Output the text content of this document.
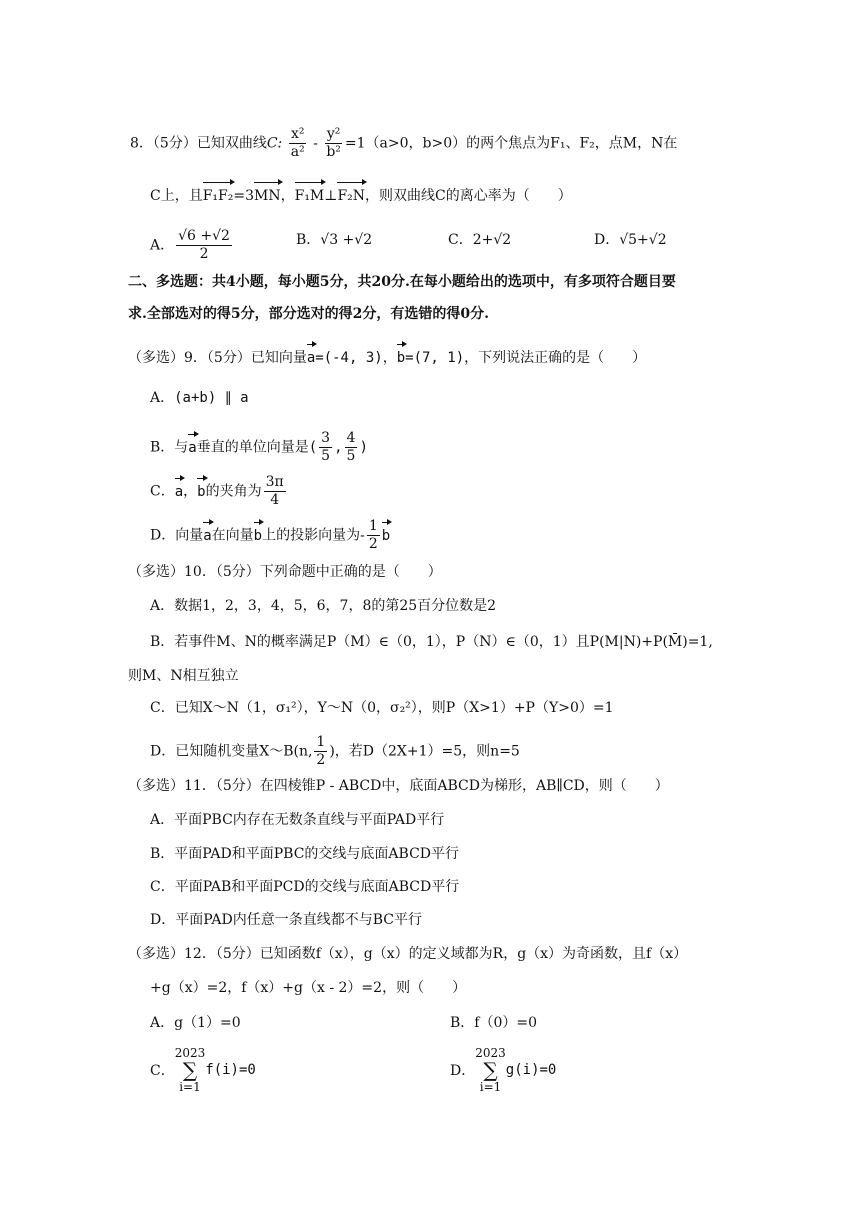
8．（5分）已知双曲线C: $\frac{\text{x²}}{\text{a²}} - \frac{\text{y²}}{\text{b²}} =1(a>0$，b>0）的两个焦点为F₁、F₂，点M，N在
C上，且F₁F₂=3MN，F₁M⊥F₂N，则双曲线C的离心率为（　　）
A． $\frac{√6 +√2}{2}$	B．√3 +√2	C．2+√2	D．√5+√2
二、多选题：共4小题，每小题5分，共20分.在每小题给出的选项中，有多项符合题目要
求.全部选对的得5分，部分选对的得2分，有选错的得0分.
（多选）9．（5分）已知向量a=(-4, 3)，b=(7, 1)，下列说法正确的是（　　）
A．(a+b) ∥ a
B．与a垂直的单位向量是( $\frac{3}{5}$ , $\frac{4}{5}$ )
C．a，b的夹角为 $\frac{3\pi}{4}$
D．向量a在向量b上的投影向量为- $\frac{1}{2}$ b
（多选）10．（5分）下列命题中正确的是（　　）
A．数据1，2，3，4，5，6，7，8的第25百分位数是2
B．若事件M、N的概率满足P（M）∈（0，1），P（N）∈（0，1）且P(M|N)+P(M̄)=1,
则M、N相互独立
C．已知X～N（1，σ₁²），Y～N（0，σ₂²），则P（X>1）+P（Y>0）=1
D．已知随机变量X～B(n, $\frac{1}{2}$ )，若D（2X+1）=5，则n=5
（多选）11．（5分）在四棱锥P - ABCD中，底面ABCD为梯形，AB∥CD，则（　　）
A．平面PBC内存在无数条直线与平面PAD平行
B．平面PAD和平面PBC的交线与底面ABCD平行
C．平面PAB和平面PCD的交线与底面ABCD平行
D．平面PAD内任意一条直线都不与BC平行
（多选）12．（5分）已知函数f（x），g（x）的定义域都为R，g（x）为奇函数，且f（x）
+g（x）=2，f（x）+g（x - 2）=2，则（　　）
A．g（1）=0	B．f（0）=0
C．
2023
∑
i=1
f(i)=0	D．
2023
∑
i=1
g(i)=0
